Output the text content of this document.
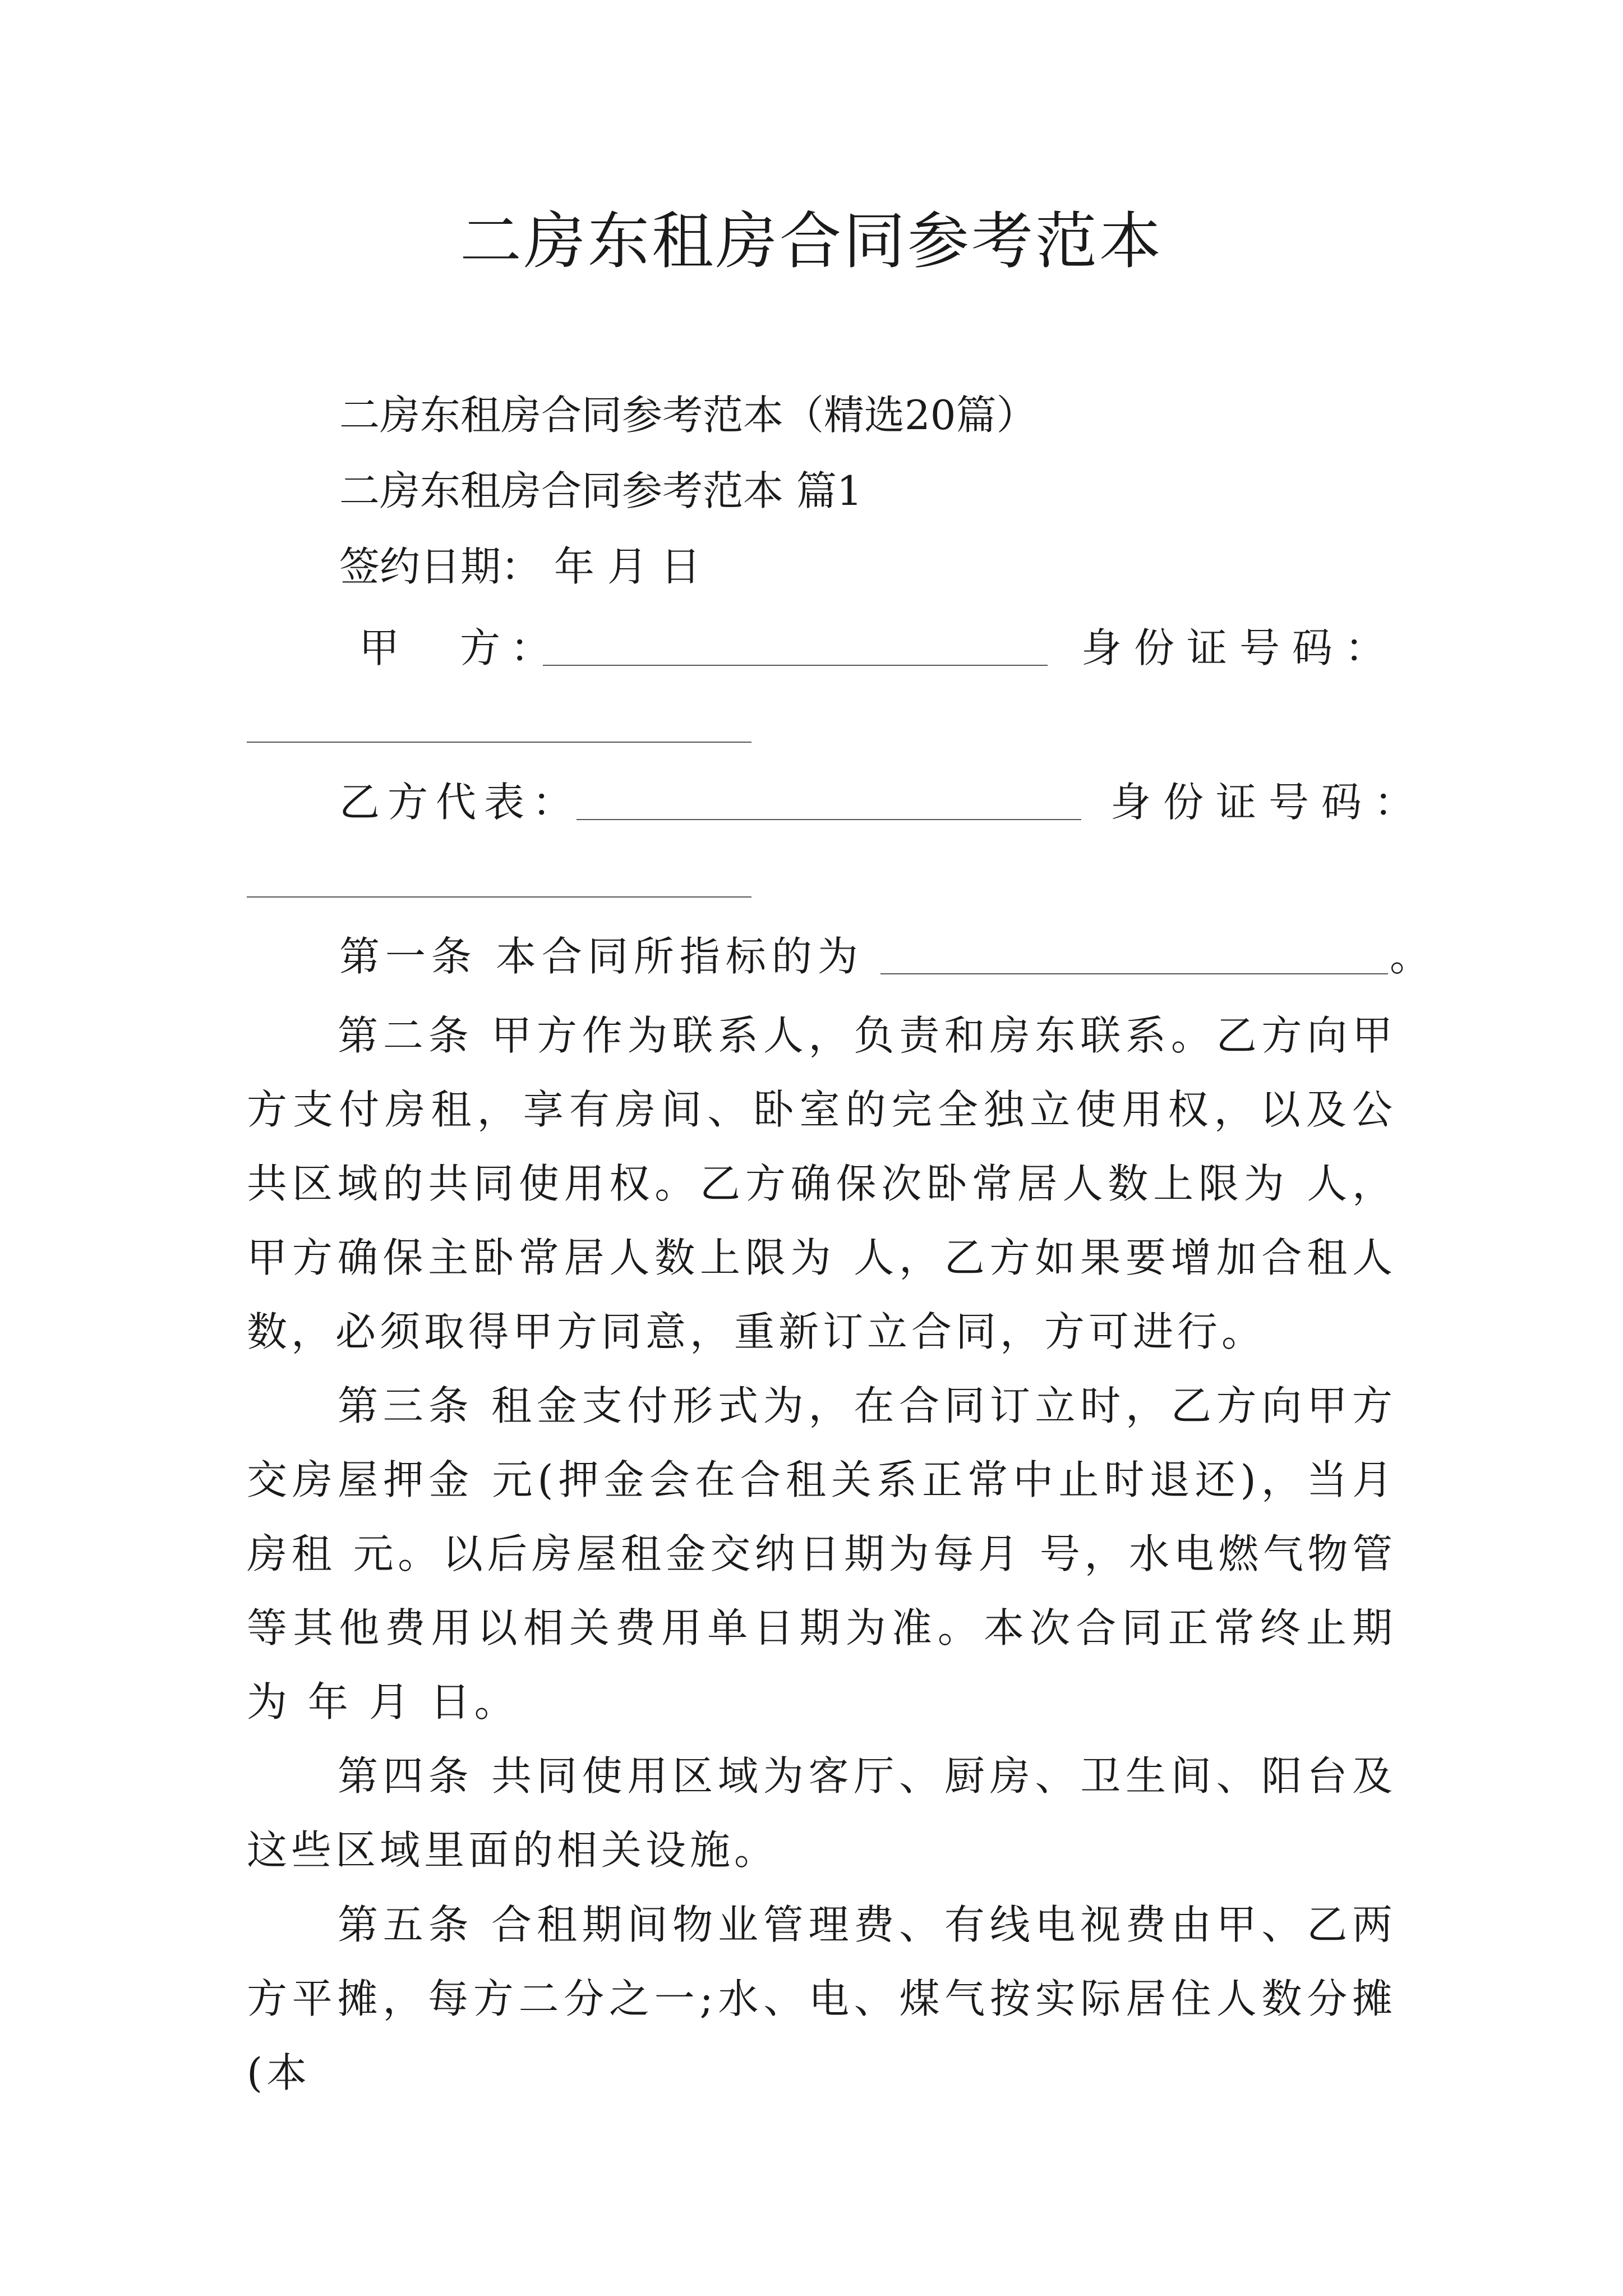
二房东租房合同参考范本
二房东租房合同参考范本（精选20篇）
二房东租房合同参考范本 篇1
签约日期： 年 月 日
甲　方：	身份证号码：
乙方代表：	身份证号码：
第一条 本合同所指标的为	。
第二条 甲方作为联系人，负责和房东联系。乙方向甲方支付房租，享有房间、卧室的完全独立使用权，以及公共区域的共同使用权。乙方确保次卧常居人数上限为 人，甲方确保主卧常居人数上限为 人，乙方如果要增加合租人数，必须取得甲方同意，重新订立合同，方可进行。
第三条 租金支付形式为，在合同订立时，乙方向甲方交房屋押金 元(押金会在合租关系正常中止时退还)，当月房租 元。以后房屋租金交纳日期为每月 号，水电燃气物管等其他费用以相关费用单日期为准。本次合同正常终止期为 年 月 日。
第四条 共同使用区域为客厅、厨房、卫生间、阳台及这些区域里面的相关设施。
第五条 合租期间物业管理费、有线电视费由甲、乙两方平摊，每方二分之一;水、电、煤气按实际居住人数分摊(本
